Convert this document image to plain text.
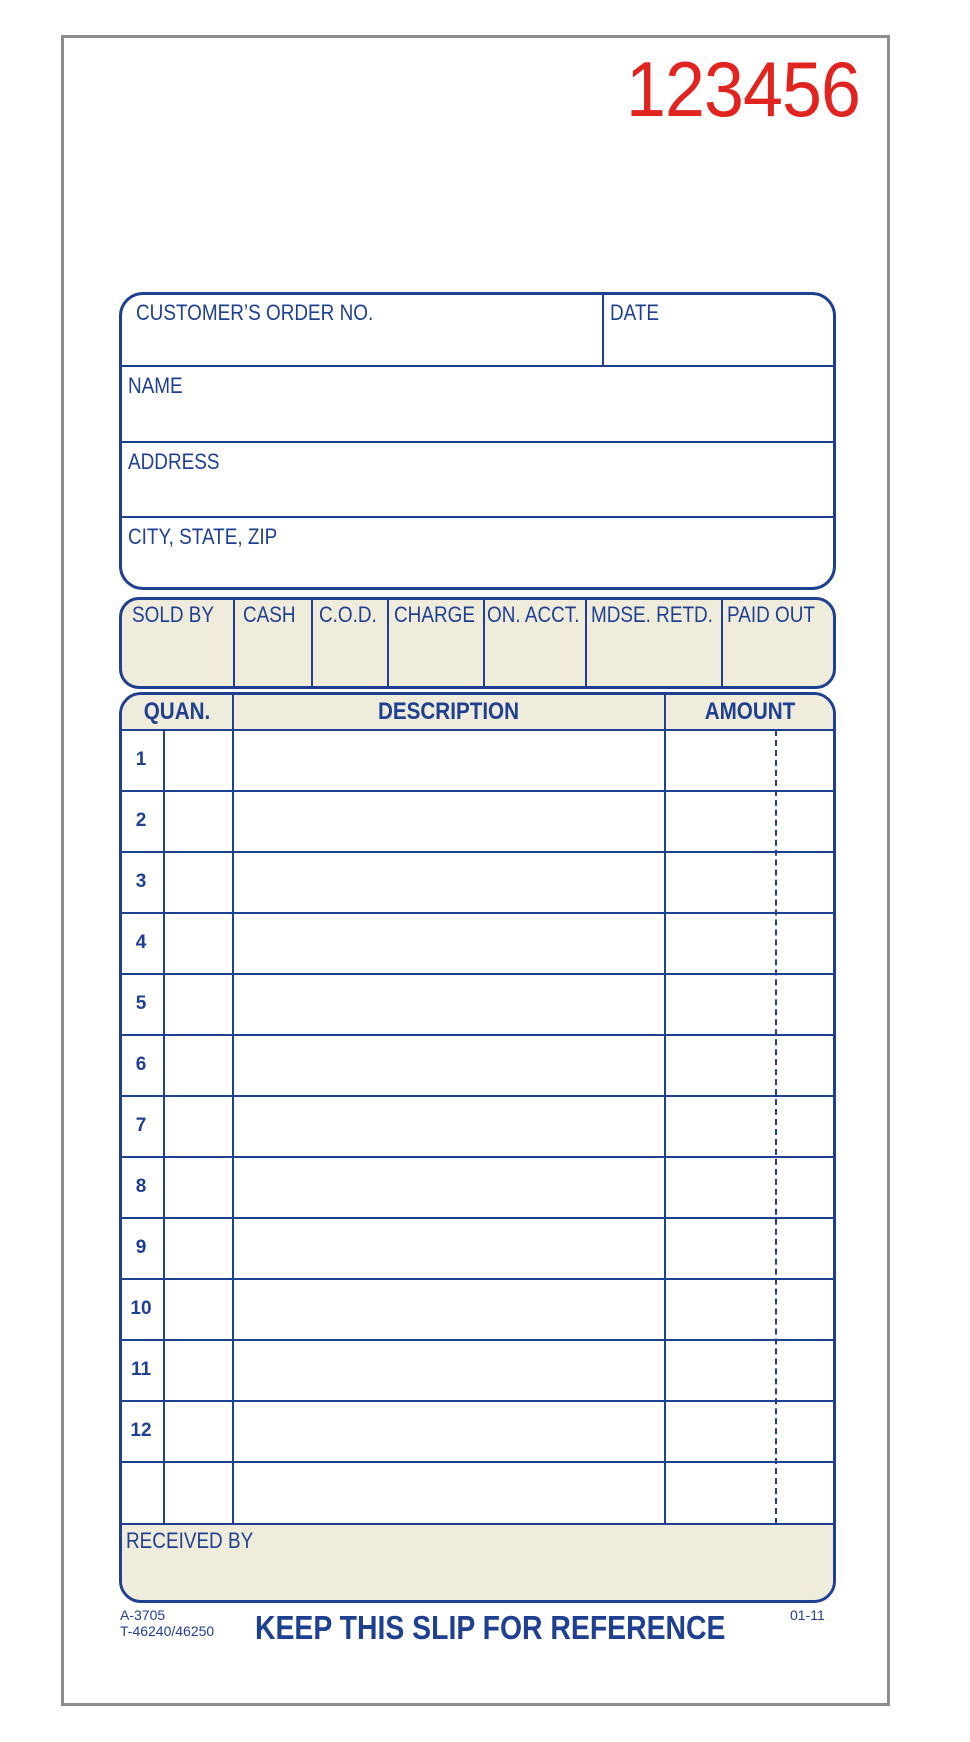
123456
CUSTOMER’S ORDER NO.	DATE
NAME
ADDRESS
CITY, STATE, ZIP
SOLD BY CASH C.O.D. CHARGE ON. ACCT. MDSE. RETD. PAID OUT
QUAN.	DESCRIPTION	AMOUNT
1
2
3
4
5
6
7
8
9
10
11
12
RECEIVED BY
A-3705
T-46240/46250 KEEP THIS SLIP FOR REFERENCE	01-11
